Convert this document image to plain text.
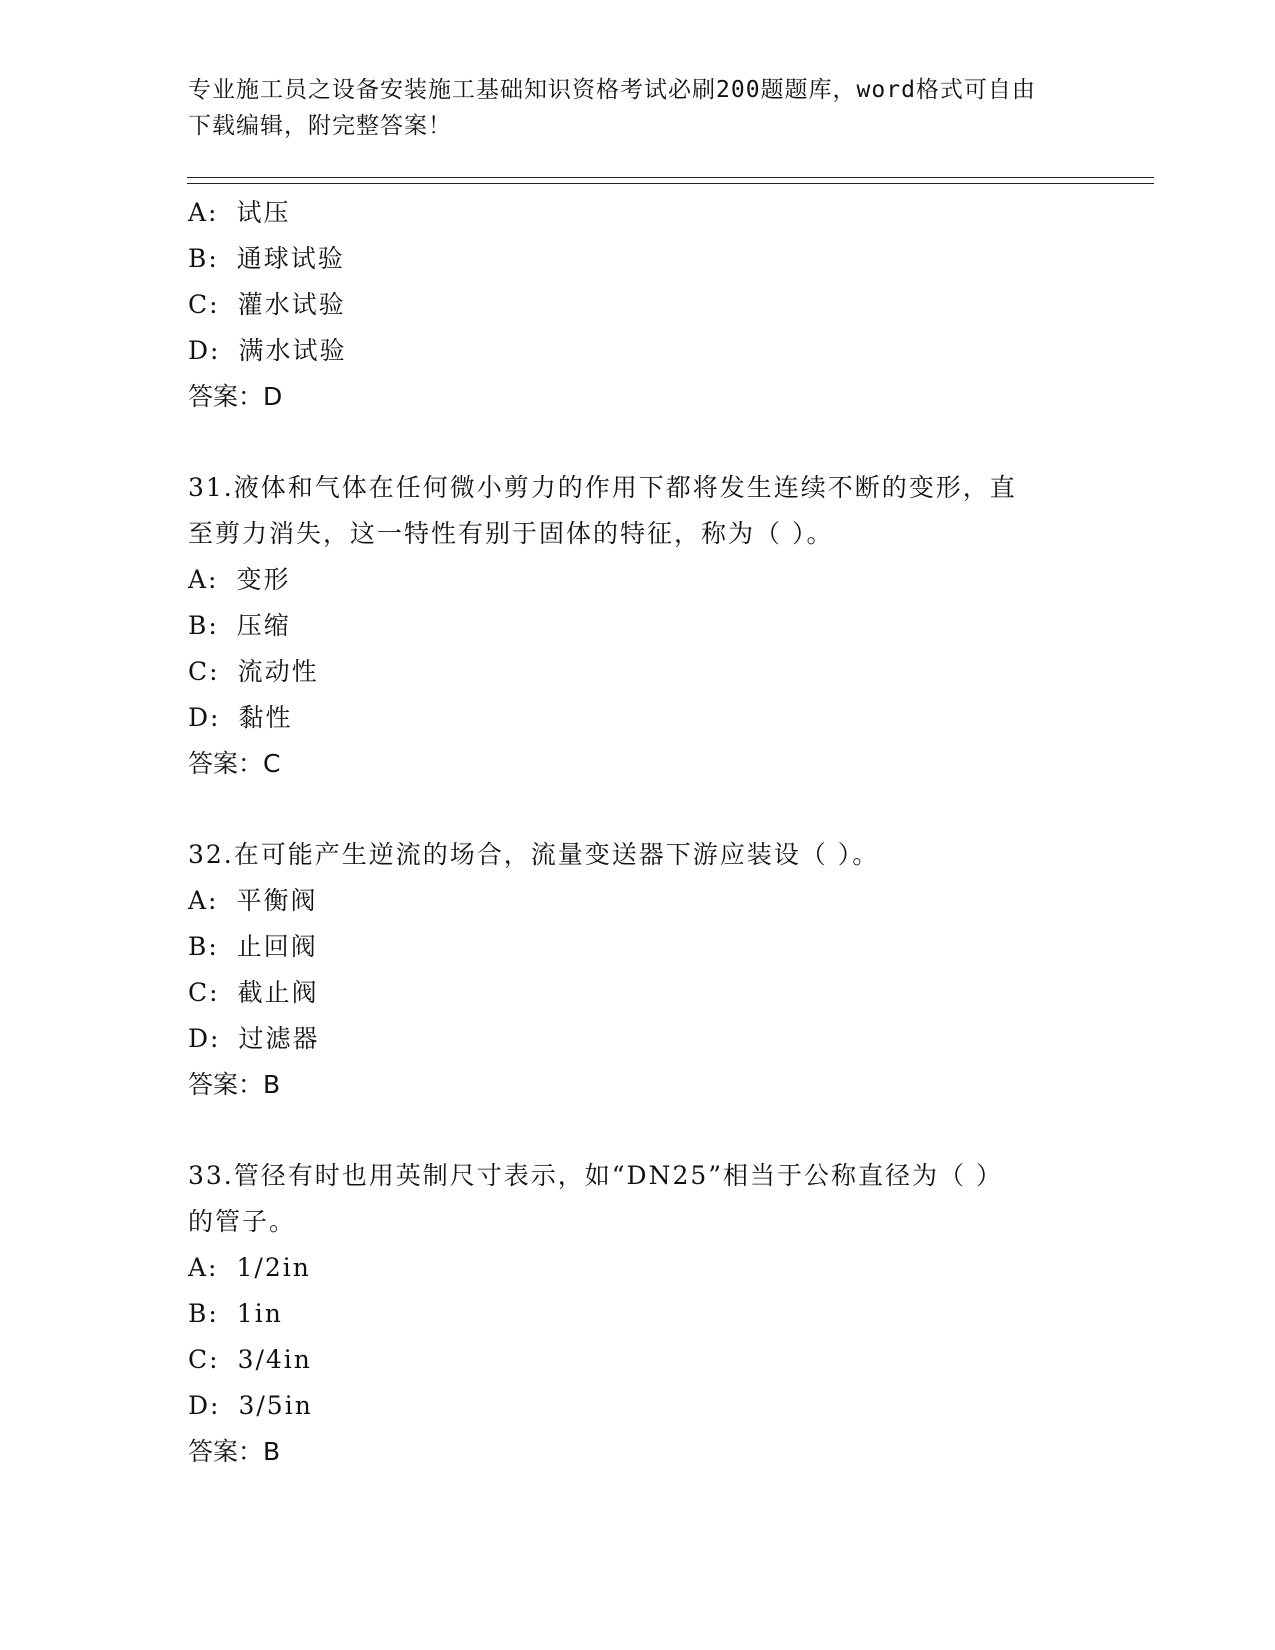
专业施工员之设备安装施工基础知识资格考试必刷200题题库，word格式可自由
下载编辑，附完整答案！
A: 试压
B: 通球试验
C: 灌水试验
D: 满水试验
答案：D
31.液体和气体在任何微小剪力的作用下都将发生连续不断的变形，直
至剪力消失，这一特性有别于固体的特征，称为（ ）。
A: 变形
B: 压缩
C: 流动性
D: 黏性
答案：C
32.在可能产生逆流的场合，流量变送器下游应装设（ ）。
A: 平衡阀
B: 止回阀
C: 截止阀
D: 过滤器
答案：B
33.管径有时也用英制尺寸表示，如“DN25”相当于公称直径为（ ）
的管子。
A: 1/2in
B: 1in
C: 3/4in
D: 3/5in
答案：B
